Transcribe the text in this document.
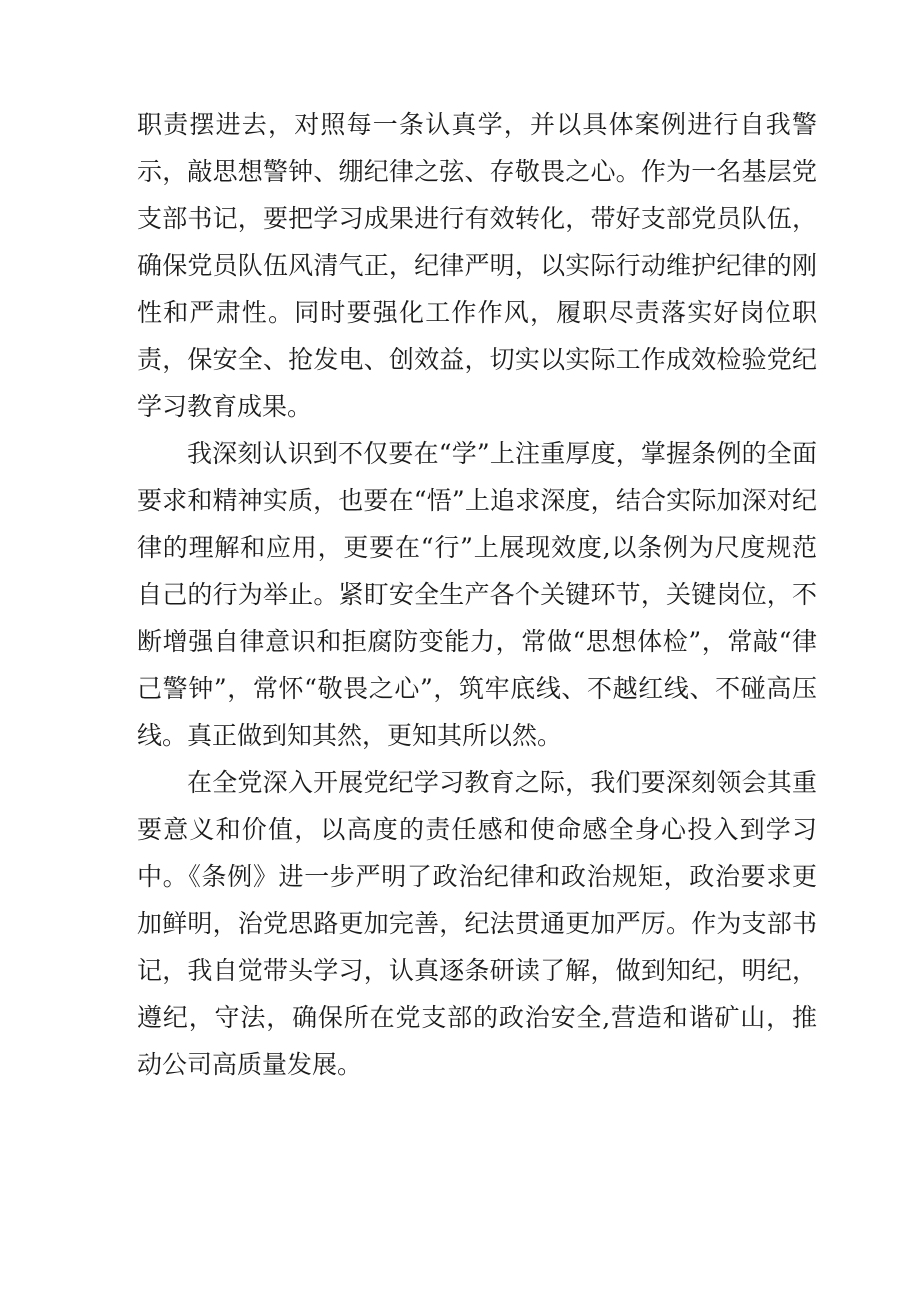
职责摆进去，对照每一条认真学，并以具体案例进行自我警示，敲思想警钟、绷纪律之弦、存敬畏之心。作为一名基层党支部书记，要把学习成果进行有效转化，带好支部党员队伍，确保党员队伍风清气正，纪律严明，以实际行动维护纪律的刚性和严肃性。同时要强化工作作风，履职尽责落实好岗位职责，保安全、抢发电、创效益，切实以实际工作成效检验党纪学习教育成果。

我深刻认识到不仅要在“学”上注重厚度，掌握条例的全面要求和精神实质，也要在“悟”上追求深度，结合实际加深对纪律的理解和应用，更要在“行”上展现效度,以条例为尺度规范自己的行为举止。紧盯安全生产各个关键环节，关键岗位，不断增强自律意识和拒腐防变能力，常做“思想体检”，常敲“律己警钟”，常怀“敬畏之心”，筑牢底线、不越红线、不碰高压线。真正做到知其然，更知其所以然。

在全党深入开展党纪学习教育之际，我们要深刻领会其重要意义和价值，以高度的责任感和使命感全身心投入到学习中。《条例》进一步严明了政治纪律和政治规矩，政治要求更加鲜明，治党思路更加完善，纪法贯通更加严厉。作为支部书记，我自觉带头学习，认真逐条研读了解，做到知纪，明纪，遵纪，守法，确保所在党支部的政治安全,营造和谐矿山，推动公司高质量发展。
